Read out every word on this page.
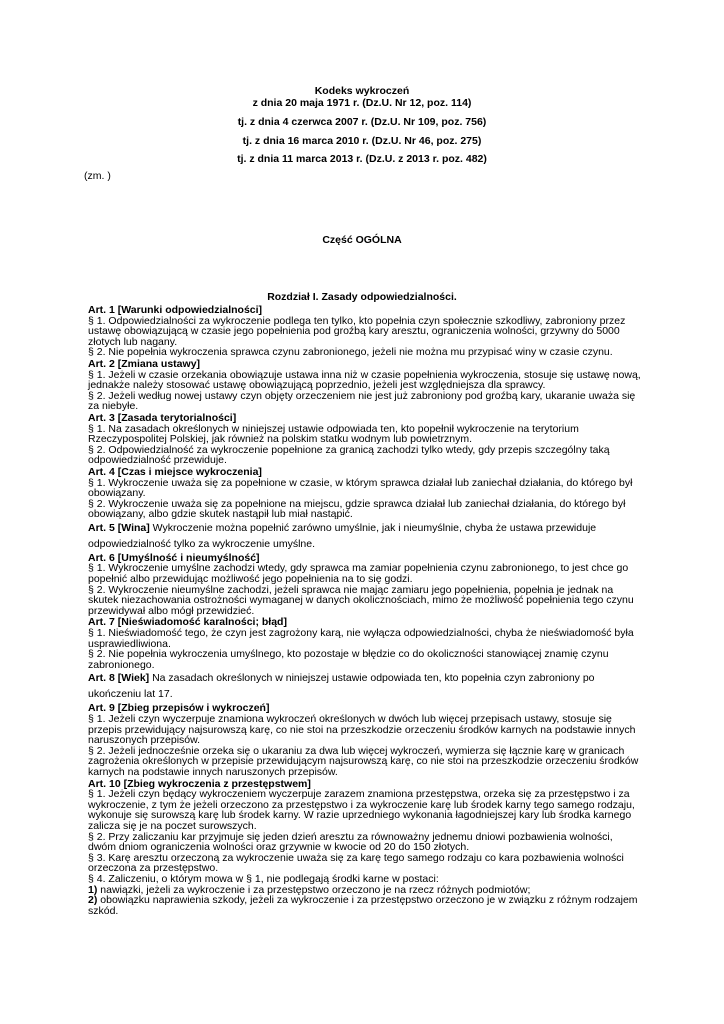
Kodeks wykroczeń
z dnia 20 maja 1971 r. (Dz.U. Nr 12, poz. 114)
tj. z dnia 4 czerwca 2007 r. (Dz.U. Nr 109, poz. 756)
tj. z dnia 16 marca 2010 r. (Dz.U. Nr 46, poz. 275)
tj. z dnia 11 marca 2013 r. (Dz.U. z 2013 r. poz. 482)
(zm. )
Część OGÓLNA
Rozdział I. Zasady odpowiedzialności.
Art. 1 [Warunki odpowiedzialności]
§ 1. Odpowiedzialności za wykroczenie podlega ten tylko, kto popełnia czyn społecznie szkodliwy, zabroniony przez ustawę obowiązującą w czasie jego popełnienia pod groźbą kary aresztu, ograniczenia wolności, grzywny do 5000 złotych lub nagany.
§ 2. Nie popełnia wykroczenia sprawca czynu zabronionego, jeżeli nie można mu przypisać winy w czasie czynu.
Art. 2 [Zmiana ustawy]
§ 1. Jeżeli w czasie orzekania obowiązuje ustawa inna niż w czasie popełnienia wykroczenia, stosuje się ustawę nową, jednakże należy stosować ustawę obowiązującą poprzednio, jeżeli jest względniejsza dla sprawcy.
§ 2. Jeżeli według nowej ustawy czyn objęty orzeczeniem nie jest już zabroniony pod groźbą kary, ukaranie uważa się za niebyłe.
Art. 3 [Zasada terytorialności]
§ 1. Na zasadach określonych w niniejszej ustawie odpowiada ten, kto popełnił wykroczenie na terytorium Rzeczypospolitej Polskiej, jak również na polskim statku wodnym lub powietrznym.
§ 2. Odpowiedzialność za wykroczenie popełnione za granicą zachodzi tylko wtedy, gdy przepis szczególny taką odpowiedzialność przewiduje.
Art. 4 [Czas i miejsce wykroczenia]
§ 1. Wykroczenie uważa się za popełnione w czasie, w którym sprawca działał lub zaniechał działania, do którego był obowiązany.
§ 2. Wykroczenie uważa się za popełnione na miejscu, gdzie sprawca działał lub zaniechał działania, do którego był obowiązany, albo gdzie skutek nastąpił lub miał nastąpić.
Art. 5 [Wina] Wykroczenie można popełnić zarówno umyślnie, jak i nieumyślnie, chyba że ustawa przewiduje odpowiedzialność tylko za wykroczenie umyślne.
Art. 6 [Umyślność i nieumyślność]
§ 1. Wykroczenie umyślne zachodzi wtedy, gdy sprawca ma zamiar popełnienia czynu zabronionego, to jest chce go popełnić albo przewidując możliwość jego popełnienia na to się godzi.
§ 2. Wykroczenie nieumyślne zachodzi, jeżeli sprawca nie mając zamiaru jego popełnienia, popełnia je jednak na skutek niezachowania ostrożności wymaganej w danych okolicznościach, mimo że możliwość popełnienia tego czynu przewidywał albo mógł przewidzieć.
Art. 7 [Nieświadomość karalności; błąd]
§ 1. Nieświadomość tego, że czyn jest zagrożony karą, nie wyłącza odpowiedzialności, chyba że nieświadomość była usprawiedliwiona.
§ 2. Nie popełnia wykroczenia umyślnego, kto pozostaje w błędzie co do okoliczności stanowiącej znamię czynu zabronionego.
Art. 8 [Wiek] Na zasadach określonych w niniejszej ustawie odpowiada ten, kto popełnia czyn zabroniony po ukończeniu lat 17.
Art. 9 [Zbieg przepisów i wykroczeń]
§ 1. Jeżeli czyn wyczerpuje znamiona wykroczeń określonych w dwóch lub więcej przepisach ustawy, stosuje się przepis przewidujący najsurowszą karę, co nie stoi na przeszkodzie orzeczeniu środków karnych na podstawie innych naruszonych przepisów.
§ 2. Jeżeli jednocześnie orzeka się o ukaraniu za dwa lub więcej wykroczeń, wymierza się łącznie karę w granicach zagrożenia określonych w przepisie przewidującym najsurowszą karę, co nie stoi na przeszkodzie orzeczeniu środków karnych na podstawie innych naruszonych przepisów.
Art. 10 [Zbieg wykroczenia z przestępstwem]
§ 1. Jeżeli czyn będący wykroczeniem wyczerpuje zarazem znamiona przestępstwa, orzeka się za przestępstwo i za wykroczenie, z tym że jeżeli orzeczono za przestępstwo i za wykroczenie karę lub środek karny tego samego rodzaju, wykonuje się surowszą karę lub środek karny. W razie uprzedniego wykonania łagodniejszej kary lub środka karnego zalicza się je na poczet surowszych.
§ 2. Przy zaliczaniu kar przyjmuje się jeden dzień aresztu za równoważny jednemu dniowi pozbawienia wolności, dwóm dniom ograniczenia wolności oraz grzywnie w kwocie od 20 do 150 złotych.
§ 3. Karę aresztu orzeczoną za wykroczenie uważa się za karę tego samego rodzaju co kara pozbawienia wolności orzeczona za przestępstwo.
§ 4. Zaliczeniu, o którym mowa w § 1, nie podlegają środki karne w postaci:
1) nawiązki, jeżeli za wykroczenie i za przestępstwo orzeczono je na rzecz różnych podmiotów;
2) obowiązku naprawienia szkody, jeżeli za wykroczenie i za przestępstwo orzeczono je w związku z różnym rodzajem szkód.
